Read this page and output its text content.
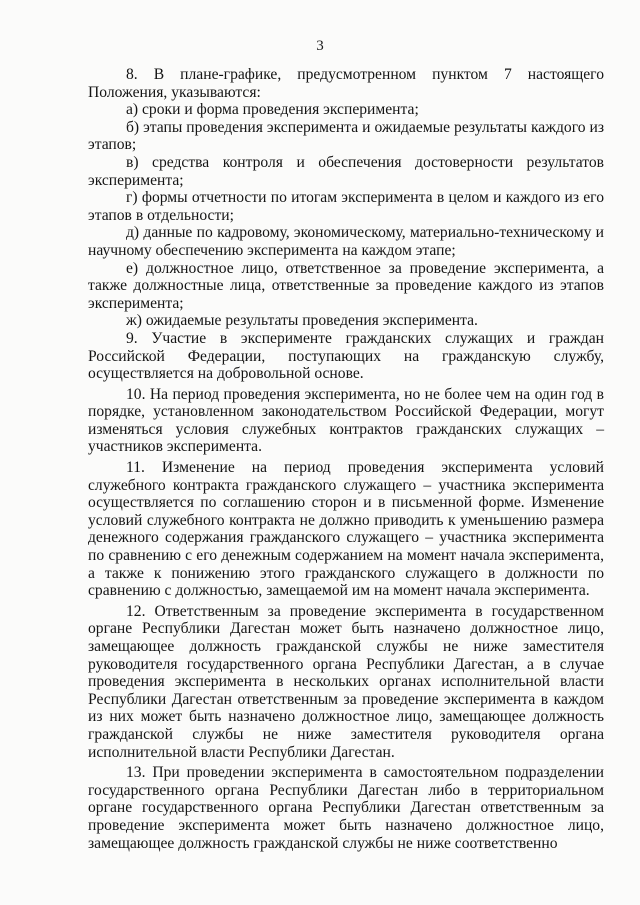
3

8. В плане-графике, предусмотренном пунктом 7 настоящего Положения, указываются:

а) сроки и форма проведения эксперимента;

б) этапы проведения эксперимента и ожидаемые результаты каждого из этапов;

в) средства контроля и обеспечения достоверности результатов эксперимента;

г) формы отчетности по итогам эксперимента в целом и каждого из его этапов в отдельности;

д) данные по кадровому, экономическому, материально-техническому и научному обеспечению эксперимента на каждом этапе;

е) должностное лицо, ответственное за проведение эксперимента, а также должностные лица, ответственные за проведение каждого из этапов эксперимента;

ж) ожидаемые результаты проведения эксперимента.

9. Участие в эксперименте гражданских служащих и граждан Российской Федерации, поступающих на гражданскую службу, осуществляется на добровольной основе.

10. На период проведения эксперимента, но не более чем на один год в порядке, установленном законодательством Российской Федерации, могут изменяться условия служебных контрактов гражданских служащих – участников эксперимента.

11. Изменение на период проведения эксперимента условий служебного контракта гражданского служащего – участника эксперимента осуществляется по соглашению сторон и в письменной форме. Изменение условий служебного контракта не должно приводить к уменьшению размера денежного содержания гражданского служащего – участника эксперимента по сравнению с его денежным содержанием на момент начала эксперимента, а также к понижению этого гражданского служащего в должности по сравнению с должностью, замещаемой им на момент начала эксперимента.

12. Ответственным за проведение эксперимента в государственном органе Республики Дагестан может быть назначено должностное лицо, замещающее должность гражданской службы не ниже заместителя руководителя государственного органа Республики Дагестан, а в случае проведения эксперимента в нескольких органах исполнительной власти Республики Дагестан ответственным за проведение эксперимента в каждом из них может быть назначено должностное лицо, замещающее должность гражданской службы не ниже заместителя руководителя органа исполнительной власти Республики Дагестан.

13. При проведении эксперимента в самостоятельном подразделении государственного органа Республики Дагестан либо в территориальном органе государственного органа Республики Дагестан ответственным за проведение эксперимента может быть назначено должностное лицо, замещающее должность гражданской службы не ниже соответственно
